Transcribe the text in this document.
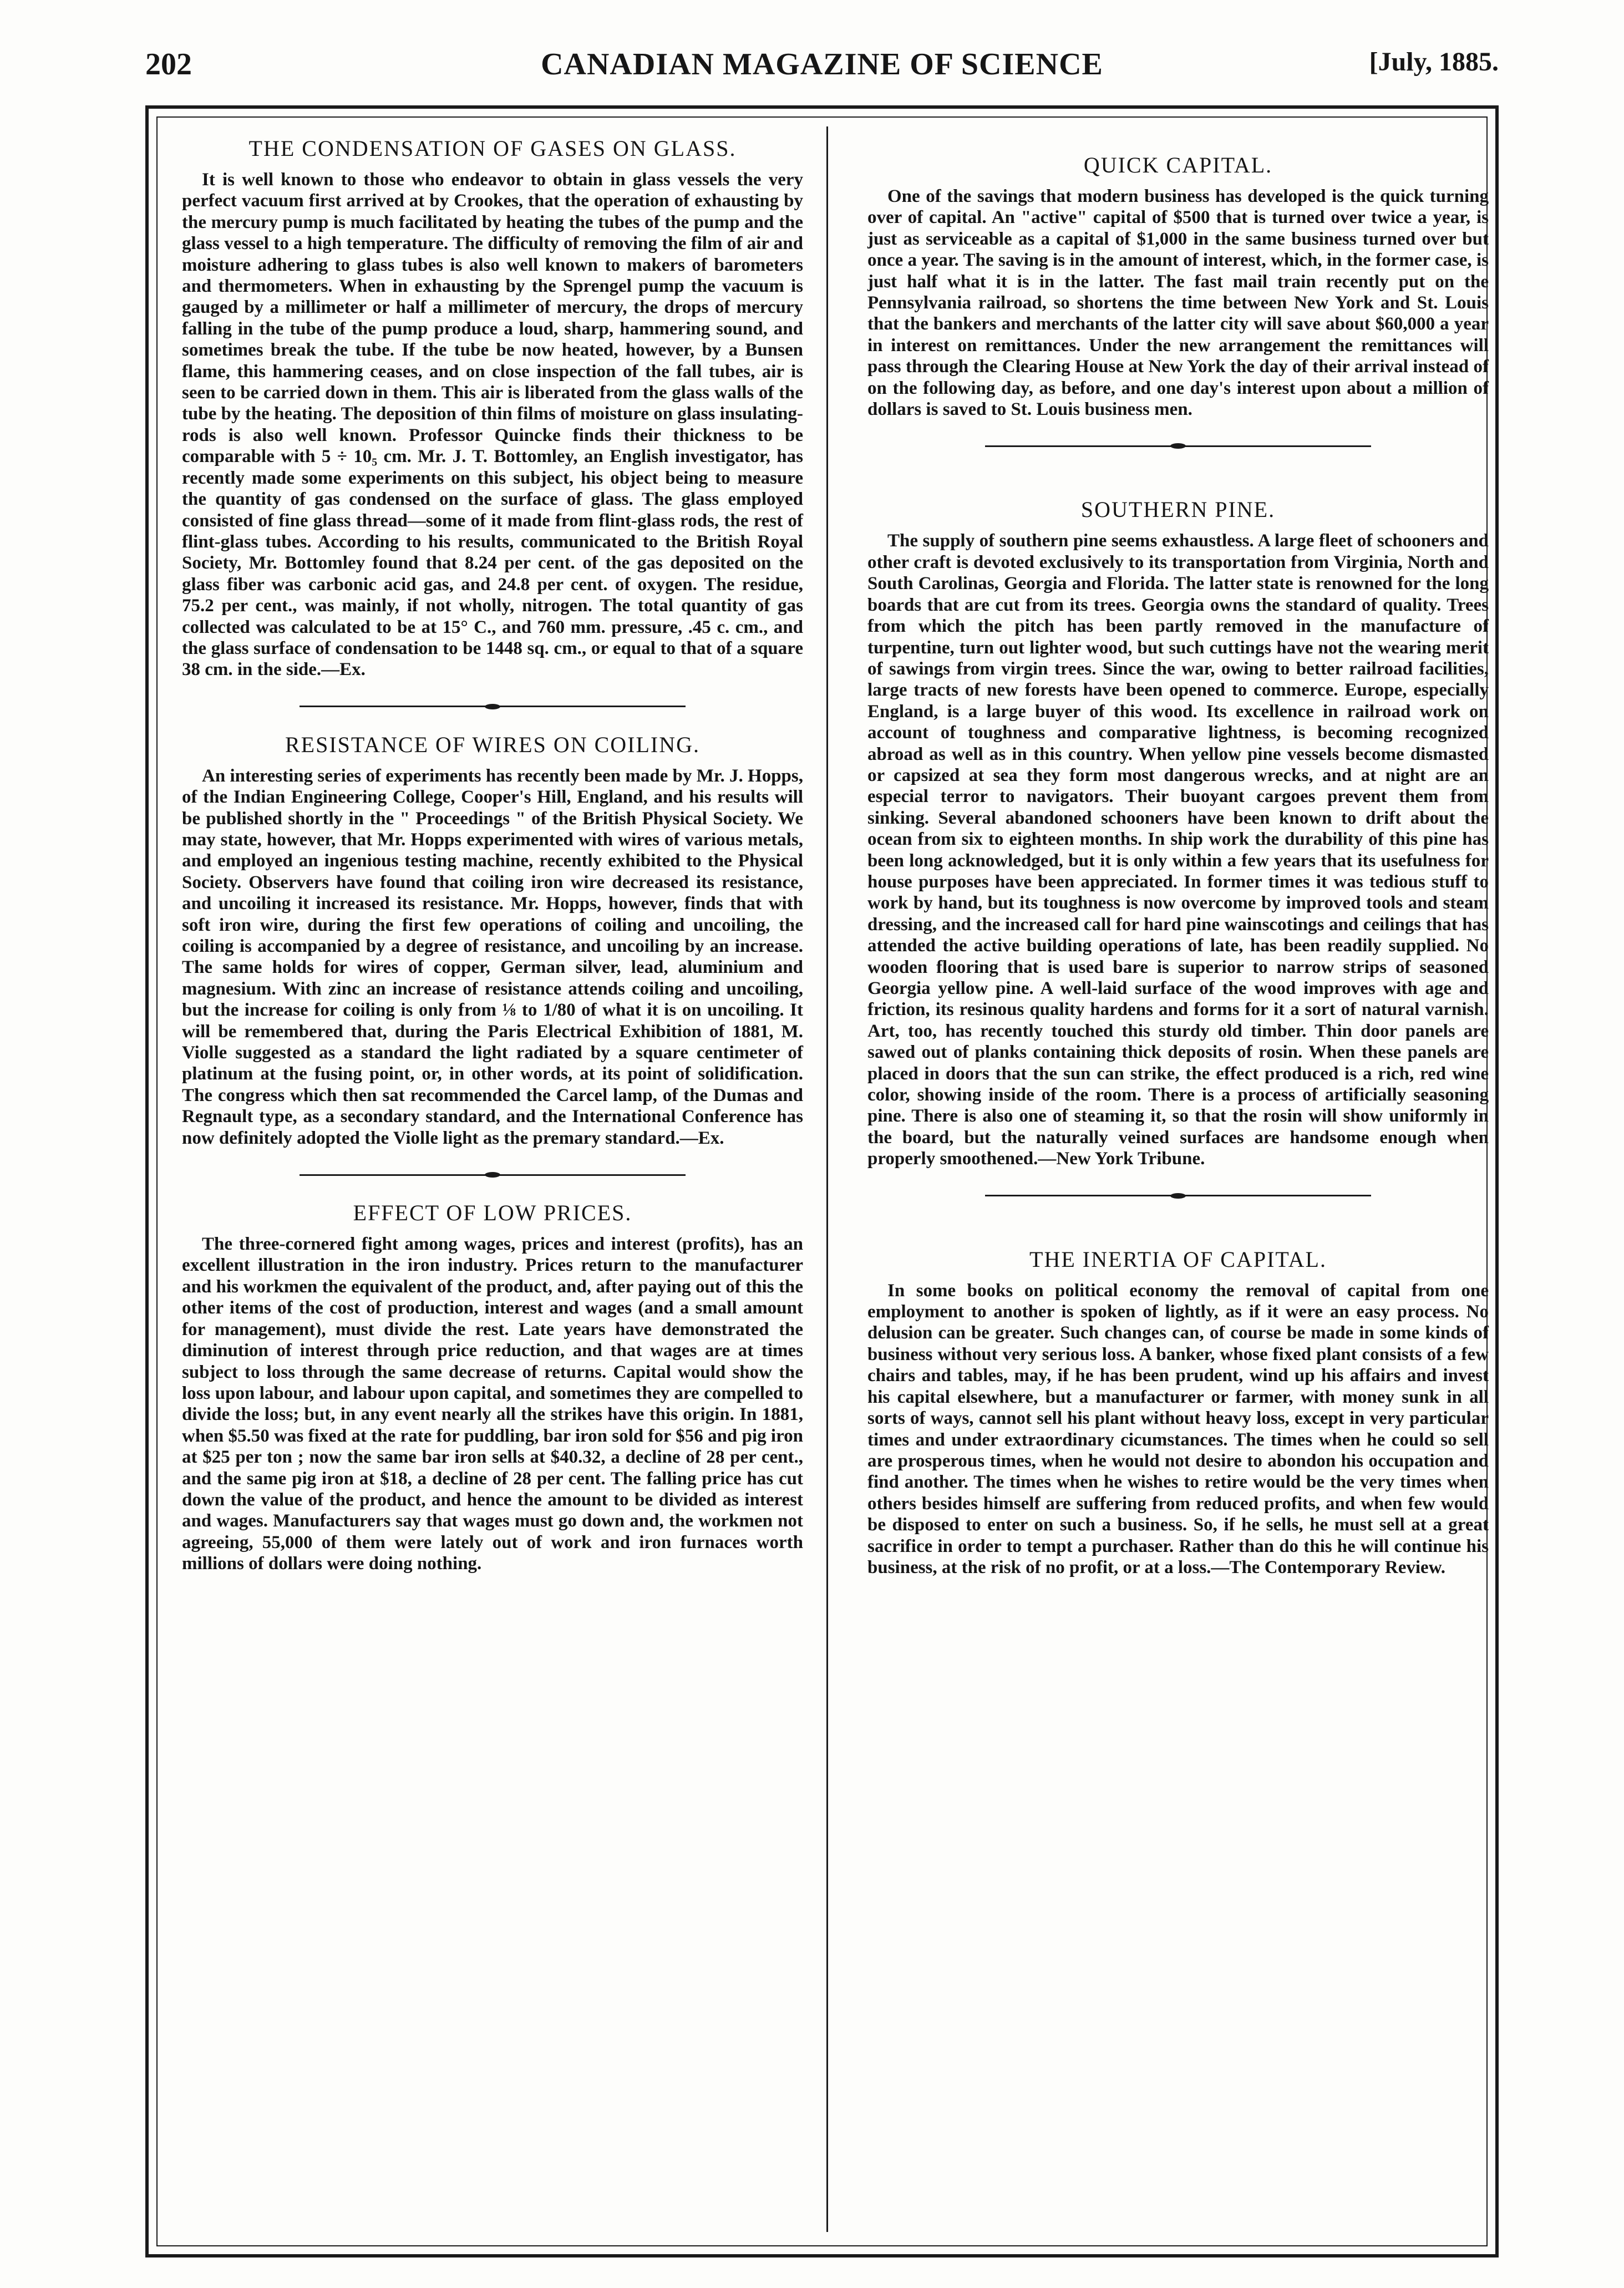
202	CANADIAN MAGAZINE OF SCIENCE	[July, 1885.
THE CONDENSATION OF GASES ON GLASS.

It is well known to those who endeavor to obtain in glass vessels the very perfect vacuum first arrived at by Crookes, that the operation of exhausting by the mercury pump is much facilitated by heating the tubes of the pump and the glass vessel to a high temperature. The difficulty of removing the film of air and moisture adhering to glass tubes is also well known to makers of barometers and thermometers. When in exhausting by the Sprengel pump the vacuum is gauged by a millimeter or half a millimeter of mercury, the drops of mercury falling in the tube of the pump produce a loud, sharp, hammering sound, and sometimes break the tube. If the tube be now heated, however, by a Bunsen flame, this hammering ceases, and on close inspection of the fall tubes, air is seen to be carried down in them. This air is liberated from the glass walls of the tube by the heating. The deposition of thin films of moisture on glass insulating-rods is also well known. Professor Quincke finds their thickness to be comparable with 5 ÷ 10₅ cm. Mr. J. T. Bottomley, an English investigator, has recently made some experiments on this subject, his object being to measure the quantity of gas condensed on the surface of glass. The glass employed consisted of fine glass thread—some of it made from flint-glass rods, the rest of flint-glass tubes. According to his results, communicated to the British Royal Society, Mr. Bottomley found that 8.24 per cent. of the gas deposited on the glass fiber was carbonic acid gas, and 24.8 per cent. of oxygen. The residue, 75.2 per cent., was mainly, if not wholly, nitrogen. The total quantity of gas collected was calculated to be at 15° C., and 760 mm. pressure, .45 c. cm., and the glass surface of condensation to be 1448 sq. cm., or equal to that of a square 38 cm. in the side.—Ex.

RESISTANCE OF WIRES ON COILING.

An interesting series of experiments has recently been made by Mr. J. Hopps, of the Indian Engineering College, Cooper's Hill, England, and his results will be published shortly in the " Proceedings " of the British Physical Society. We may state, however, that Mr. Hopps experimented with wires of various metals, and employed an ingenious testing machine, recently exhibited to the Physical Society. Observers have found that coiling iron wire decreased its resistance, and uncoiling it increased its resistance. Mr. Hopps, however, finds that with soft iron wire, during the first few operations of coiling and uncoiling, the coiling is accompanied by a degree of resistance, and uncoiling by an increase. The same holds for wires of copper, German silver, lead, aluminium and magnesium. With zinc an increase of resistance attends coiling and uncoiling, but the increase for coiling is only from ⅛ to 1/80 of what it is on uncoiling. It will be remembered that, during the Paris Electrical Exhibition of 1881, M. Violle suggested as a standard the light radiated by a square centimeter of platinum at the fusing point, or, in other words, at its point of solidification. The congress which then sat recommended the Carcel lamp, of the Dumas and Regnault type, as a secondary standard, and the International Conference has now definitely adopted the Violle light as the premary standard.—Ex.

EFFECT OF LOW PRICES.

The three-cornered fight among wages, prices and interest (profits), has an excellent illustration in the iron industry. Prices return to the manufacturer and his workmen the equivalent of the product, and, after paying out of this the other items of the cost of production, interest and wages (and a small amount for management), must divide the rest. Late years have demonstrated the diminution of interest through price reduction, and that wages are at times subject to loss through the same decrease of returns. Capital would show the loss upon labour, and labour upon capital, and sometimes they are compelled to divide the loss; but, in any event nearly all the strikes have this origin. In 1881, when $5.50 was fixed at the rate for puddling, bar iron sold for $56 and pig iron at $25 per ton ; now the same bar iron sells at $40.32, a decline of 28 per cent., and the same pig iron at $18, a decline of 28 per cent. The falling price has cut down the value of the product, and hence the amount to be divided as interest and wages. Manufacturers say that wages must go down and, the workmen not agreeing, 55,000 of them were lately out of work and iron furnaces worth millions of dollars were doing nothing.

QUICK CAPITAL.

One of the savings that modern business has developed is the quick turning over of capital. An "active" capital of $500 that is turned over twice a year, is just as serviceable as a capital of $1,000 in the same business turned over but once a year. The saving is in the amount of interest, which, in the former case, is just half what it is in the latter. The fast mail train recently put on the Pennsylvania railroad, so shortens the time between New York and St. Louis that the bankers and merchants of the latter city will save about $60,000 a year in interest on remittances. Under the new arrangement the remittances will pass through the Clearing House at New York the day of their arrival instead of on the following day, as before, and one day's interest upon about a million of dollars is saved to St. Louis business men.

SOUTHERN PINE.

The supply of southern pine seems exhaustless. A large fleet of schooners and other craft is devoted exclusively to its transportation from Virginia, North and South Carolinas, Georgia and Florida. The latter state is renowned for the long boards that are cut from its trees. Georgia owns the standard of quality. Trees from which the pitch has been partly removed in the manufacture of turpentine, turn out lighter wood, but such cuttings have not the wearing merit of sawings from virgin trees. Since the war, owing to better railroad facilities, large tracts of new forests have been opened to commerce. Europe, especially England, is a large buyer of this wood. Its excellence in railroad work on account of toughness and comparative lightness, is becoming recognized abroad as well as in this country. When yellow pine vessels become dismasted or capsized at sea they form most dangerous wrecks, and at night are an especial terror to navigators. Their buoyant cargoes prevent them from sinking. Several abandoned schooners have been known to drift about the ocean from six to eighteen months. In ship work the durability of this pine has been long acknowledged, but it is only within a few years that its usefulness for house purposes have been appreciated. In former times it was tedious stuff to work by hand, but its toughness is now overcome by improved tools and steam dressing, and the increased call for hard pine wainscotings and ceilings that has attended the active building operations of late, has been readily supplied. No wooden flooring that is used bare is superior to narrow strips of seasoned Georgia yellow pine. A well-laid surface of the wood improves with age and friction, its resinous quality hardens and forms for it a sort of natural varnish. Art, too, has recently touched this sturdy old timber. Thin door panels are sawed out of planks containing thick deposits of rosin. When these panels are placed in doors that the sun can strike, the effect produced is a rich, red wine color, showing inside of the room. There is a process of artificially seasoning pine. There is also one of steaming it, so that the rosin will show uniformly in the board, but the naturally veined surfaces are handsome enough when properly smoothened.—New York Tribune.

THE INERTIA OF CAPITAL.

In some books on political economy the removal of capital from one employment to another is spoken of lightly, as if it were an easy process. No delusion can be greater. Such changes can, of course be made in some kinds of business without very serious loss. A banker, whose fixed plant consists of a few chairs and tables, may, if he has been prudent, wind up his affairs and invest his capital elsewhere, but a manufacturer or farmer, with money sunk in all sorts of ways, cannot sell his plant without heavy loss, except in very particular times and under extraordinary cicumstances. The times when he could so sell are prosperous times, when he would not desire to abondon his occupation and find another. The times when he wishes to retire would be the very times when others besides himself are suffering from reduced profits, and when few would be disposed to enter on such a business. So, if he sells, he must sell at a great sacrifice in order to tempt a purchaser. Rather than do this he will continue his business, at the risk of no profit, or at a loss.—The Contemporary Review.
